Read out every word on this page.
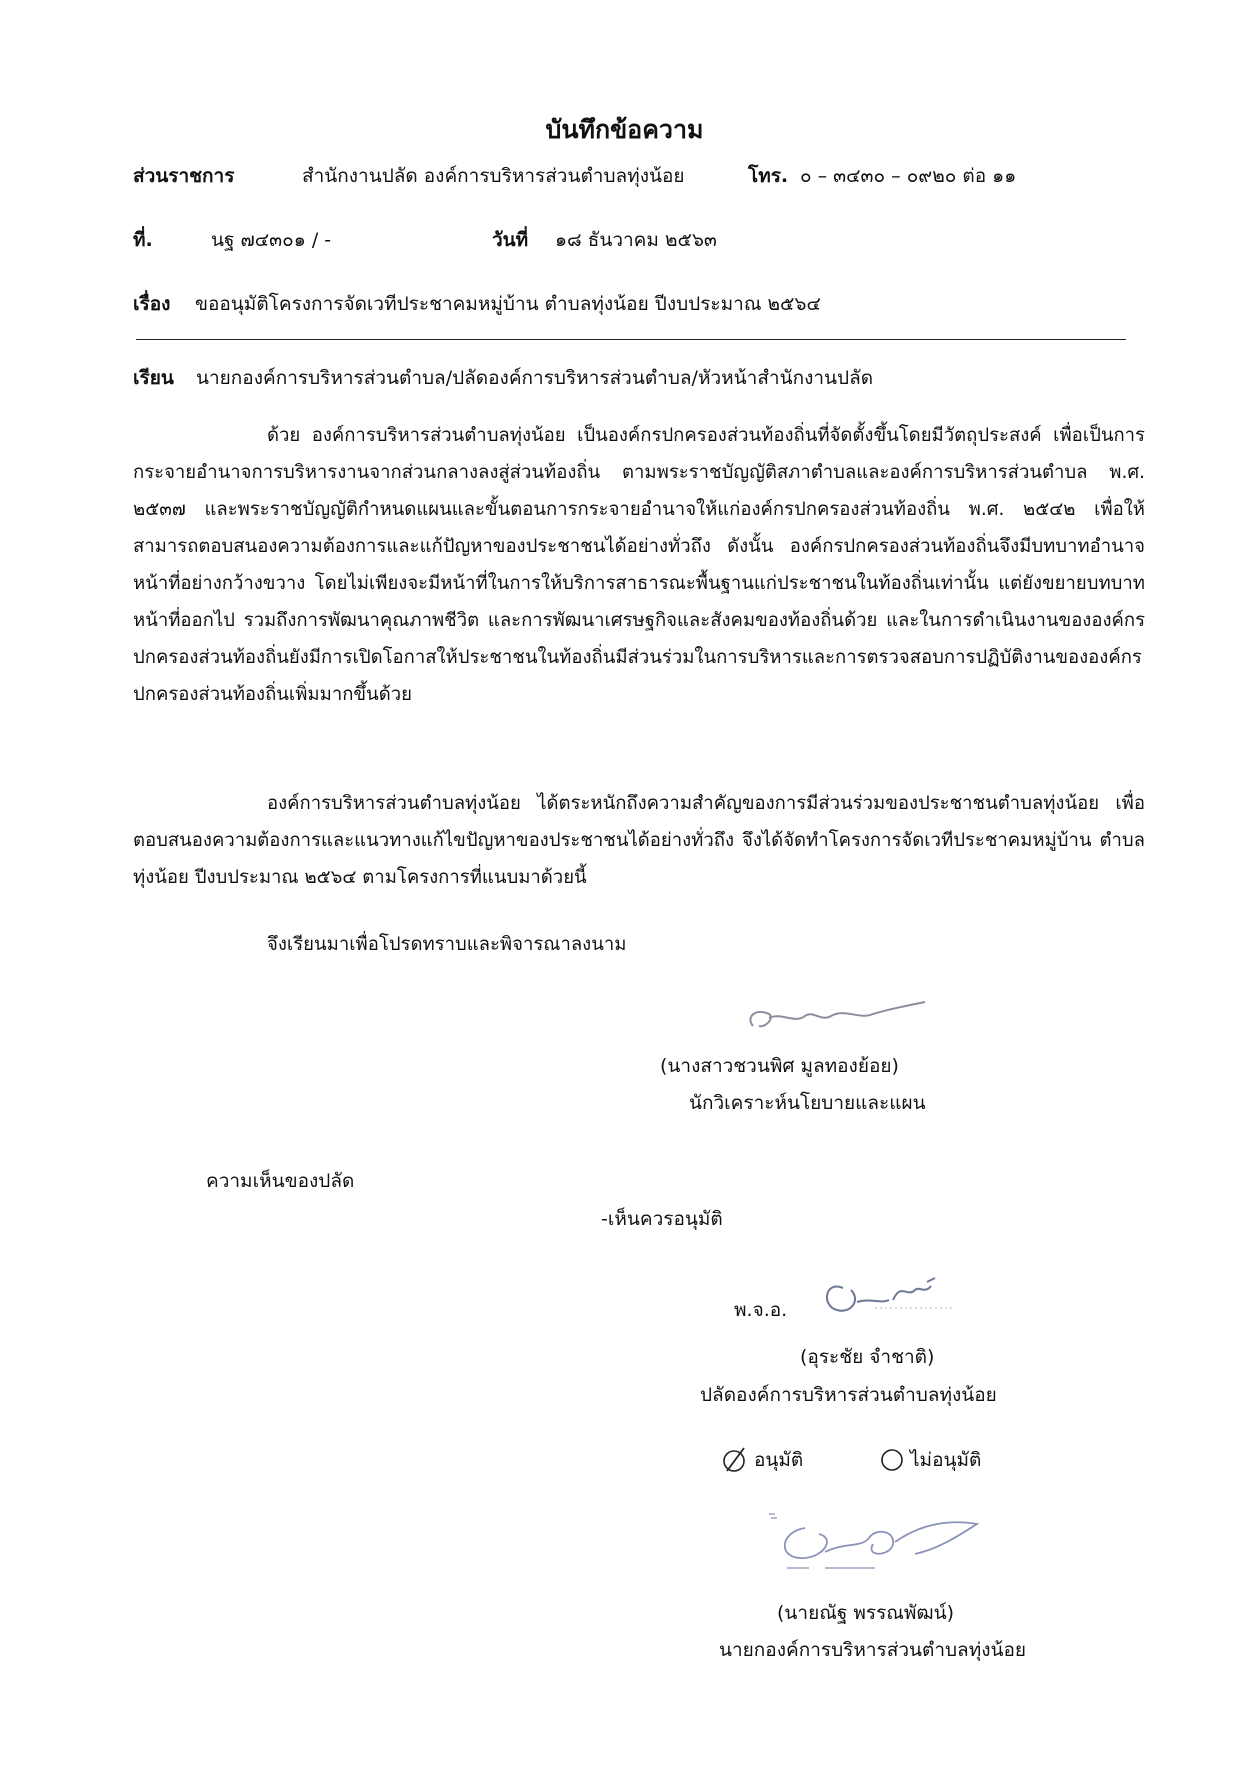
บันทึกข้อความ
ส่วนราชการ	สำนักงานปลัด องค์การบริหารส่วนตำบลทุ่งน้อย	โทร. ๐ – ๓๔๓๐ – ๐๙๒๐ ต่อ ๑๑
ที่.	นฐ ๗๔๓๐๑ / -	วันที่ ๑๘ ธันวาคม ๒๕๖๓
เรื่อง ขออนุมัติโครงการจัดเวทีประชาคมหมู่บ้าน ตำบลทุ่งน้อย ปีงบประมาณ ๒๕๖๔
เรียน นายกองค์การบริหารส่วนตำบล/ปลัดองค์การบริหารส่วนตำบล/หัวหน้าสำนักงานปลัด
ด้วย องค์การบริหารส่วนตำบลทุ่งน้อย เป็นองค์กรปกครองส่วนท้องถิ่นที่จัดตั้งขึ้นโดยมีวัตถุประสงค์ เพื่อเป็นการกระจายอำนาจการบริหารงานจากส่วนกลางลงสู่ส่วนท้องถิ่น ตามพระราชบัญญัติสภาตำบลและองค์การบริหารส่วนตำบล พ.ศ. ๒๕๓๗ และพระราชบัญญัติกำหนดแผนและขั้นตอนการกระจายอำนาจให้แก่องค์กรปกครองส่วนท้องถิ่น พ.ศ. ๒๕๔๒ เพื่อให้สามารถตอบสนองความต้องการและแก้ปัญหาของประชาชนได้อย่างทั่วถึง ดังนั้น องค์กรปกครองส่วนท้องถิ่นจึงมีบทบาทอำนาจหน้าที่อย่างกว้างขวาง โดยไม่เพียงจะมีหน้าที่ในการให้บริการสาธารณะพื้นฐานแก่ประชาชนในท้องถิ่นเท่านั้น แต่ยังขยายบทบาทหน้าที่ออกไป รวมถึงการพัฒนาคุณภาพชีวิต และการพัฒนาเศรษฐกิจและสังคมของท้องถิ่นด้วย และในการดำเนินงานขององค์กรปกครองส่วนท้องถิ่นยังมีการเปิดโอกาสให้ประชาชนในท้องถิ่นมีส่วนร่วมในการบริหารและการตรวจสอบการปฏิบัติงานขององค์กรปกครองส่วนท้องถิ่นเพิ่มมากขึ้นด้วย
องค์การบริหารส่วนตำบลทุ่งน้อย ได้ตระหนักถึงความสำคัญของการมีส่วนร่วมของประชาชนตำบลทุ่งน้อย เพื่อตอบสนองความต้องการและแนวทางแก้ไขปัญหาของประชาชนได้อย่างทั่วถึง จึงได้จัดทำโครงการจัดเวทีประชาคมหมู่บ้าน ตำบลทุ่งน้อย ปีงบประมาณ ๒๕๖๔ ตามโครงการที่แนบมาด้วยนี้
จึงเรียนมาเพื่อโปรดทราบและพิจารณาลงนาม
(นางสาวชวนพิศ มูลทองย้อย)
นักวิเคราะห์นโยบายและแผน
ความเห็นของปลัด
-เห็นควรอนุมัติ
พ.จ.อ.
(อุระชัย จำชาติ)
ปลัดองค์การบริหารส่วนตำบลทุ่งน้อย
อนุมัติ	ไม่อนุมัติ
(นายณัฐ พรรณพัฒน์)
นายกองค์การบริหารส่วนตำบลทุ่งน้อย
